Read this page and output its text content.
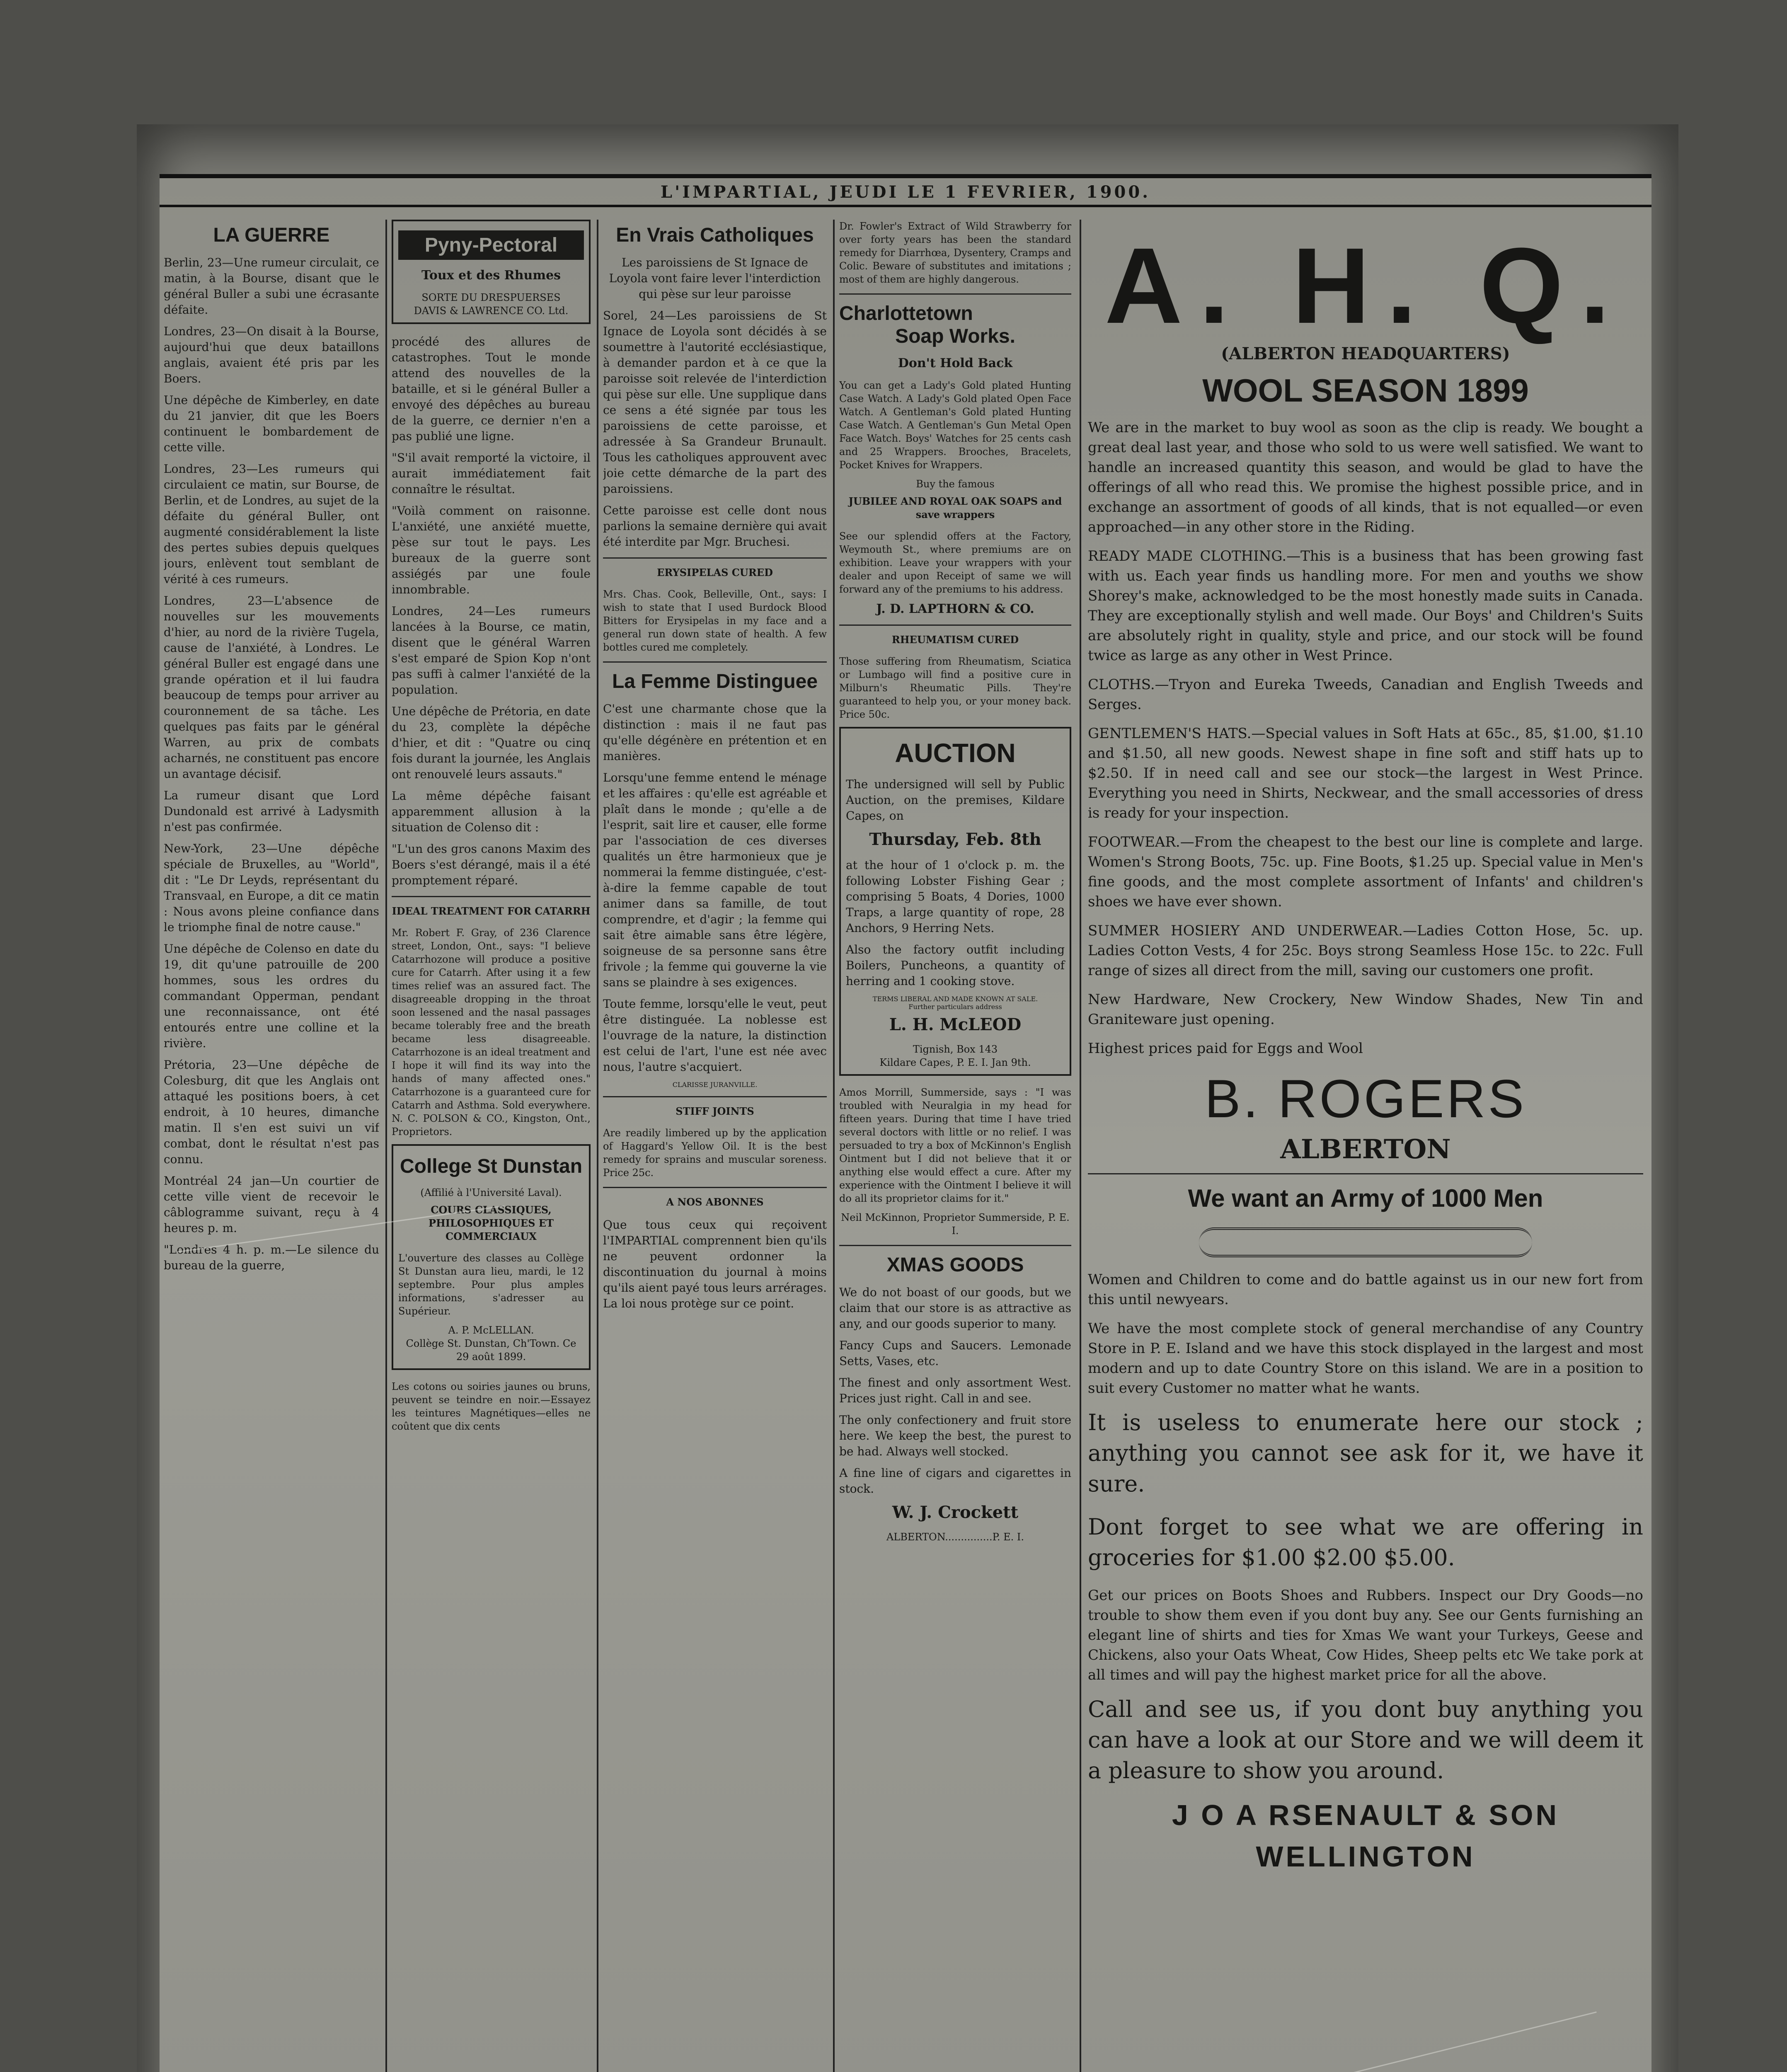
L'IMPARTIAL, JEUDI LE 1 FEVRIER, 1900.
LA GUERRE

Berlin, 23—Une rumeur circulait, ce matin, à la Bourse, disant que le général Buller a subi une écrasante défaite.

Londres, 23—On disait à la Bourse, aujourd'hui que deux bataillons anglais, avaient été pris par les Boers.

Une dépêche de Kimberley, en date du 21 janvier, dit que les Boers continuent le bombardement de cette ville.

Londres, 23—Les rumeurs qui circulaient ce matin, sur Bourse, de Berlin, et de Londres, au sujet de la défaite du général Buller, ont augmenté considérablement la liste des pertes subies depuis quelques jours, enlèvent tout semblant de vérité à ces rumeurs.

Londres, 23—L'absence de nouvelles sur les mouvements d'hier, au nord de la rivière Tugela, cause de l'anxiété, à Londres. Le général Buller est engagé dans une grande opération et il lui faudra beaucoup de temps pour arriver au couronnement de sa tâche. Les quelques pas faits par le général Warren, au prix de combats acharnés, ne constituent pas encore un avantage décisif.

La rumeur disant que Lord Dundonald est arrivé à Ladysmith n'est pas confirmée.

New-York, 23—Une dépêche spéciale de Bruxelles, au "World", dit : "Le Dr Leyds, représentant du Transvaal, en Europe, a dit ce matin : Nous avons pleine confiance dans le triomphe final de notre cause."

Une dépêche de Colenso en date du 19, dit qu'une patrouille de 200 hommes, sous les ordres du commandant Opperman, pendant une reconnaissance, ont été entourés entre une colline et la rivière.

Prétoria, 23—Une dépêche de Colesburg, dit que les Anglais ont attaqué les positions boers, à cet endroit, à 10 heures, dimanche matin. Il s'en est suivi un vif combat, dont le résultat n'est pas connu.

Montréal 24 jan—Un courtier de cette ville vient de recevoir le câblogramme suivant, reçu à 4 heures p. m.

"Londres 4 h. p. m.—Le silence du bureau de la guerre,

Pyny-Pectoral
Toux et des Rhumes
SORTE DU DRESPUERSES
DAVIS & LAWRENCE CO. Ltd.

procédé des allures de catastrophes. Tout le monde attend des nouvelles de la bataille, et si le général Buller a envoyé des dépêches au bureau de la guerre, ce dernier n'en a pas publié une ligne.

"S'il avait remporté la victoire, il aurait immédiatement fait connaître le résultat.

"Voilà comment on raisonne. L'anxiété, une anxiété muette, pèse sur tout le pays. Les bureaux de la guerre sont assiégés par une foule innombrable.

Londres, 24—Les rumeurs lancées à la Bourse, ce matin, disent que le général Warren s'est emparé de Spion Kop n'ont pas suffi à calmer l'anxiété de la population.

Une dépêche de Prétoria, en date du 23, complète la dépêche d'hier, et dit : "Quatre ou cinq fois durant la journée, les Anglais ont renouvelé leurs assauts."

La même dépêche faisant apparemment allusion à la situation de Colenso dit :

"L'un des gros canons Maxim des Boers s'est dérangé, mais il a été promptement réparé.

IDEAL TREATMENT FOR CATARRH

Mr. Robert F. Gray, of 236 Clarence street, London, Ont., says: "I believe Catarrhozone will produce a positive cure for Catarrh. After using it a few times relief was an assured fact. The disagreeable dropping in the throat soon lessened and the nasal passages became tolerably free and the breath became less disagreeable. Catarrhozone is an ideal treatment and I hope it will find its way into the hands of many affected ones." Catarrhozone is a guaranteed cure for Catarrh and Asthma. Sold everywhere. N. C. POLSON & CO., Kingston, Ont., Proprietors.

College St Dunstan
(Affilié à l'Université Laval).
COURS CLASSIQUES, PHILOSOPHIQUES ET COMMERCIAUX

L'ouverture des classes au Collège St Dunstan aura lieu, mardi, le 12 septembre. Pour plus amples informations, s'adresser au Supérieur.

A. P. McLELLAN.
Collège St. Dunstan, Ch'Town. Ce 29 août 1899.

Les cotons ou soiries jaunes ou bruns, peuvent se teindre en noir.—Essayez les teintures Magnétiques—elles ne coûtent que dix cents

En Vrais Catholiques

Les paroissiens de St Ignace de Loyola vont faire lever l'interdiction qui pèse sur leur paroisse

Sorel, 24—Les paroissiens de St Ignace de Loyola sont décidés à se soumettre à l'autorité ecclésiastique, à demander pardon et à ce que la paroisse soit relevée de l'interdiction qui pèse sur elle. Une supplique dans ce sens a été signée par tous les paroissiens de cette paroisse, et adressée à Sa Grandeur Brunault. Tous les catholiques approuvent avec joie cette démarche de la part des paroissiens.

Cette paroisse est celle dont nous parlions la semaine dernière qui avait été interdite par Mgr. Bruchesi.

ERYSIPELAS CURED

Mrs. Chas. Cook, Belleville, Ont., says: I wish to state that I used Burdock Blood Bitters for Erysipelas in my face and a general run down state of health. A few bottles cured me completely.

La Femme Distinguee

C'est une charmante chose que la distinction : mais il ne faut pas qu'elle dégénère en prétention et en manières.

Lorsqu'une femme entend le ménage et les affaires : qu'elle est agréable et plaît dans le monde ; qu'elle a de l'esprit, sait lire et causer, elle forme par l'association de ces diverses qualités un être harmonieux que je nommerai la femme distinguée, c'est-à-dire la femme capable de tout animer dans sa famille, de tout comprendre, et d'agir ; la femme qui sait être aimable sans être légère, soigneuse de sa personne sans être frivole ; la femme qui gouverne la vie sans se plaindre à ses exigences.

Toute femme, lorsqu'elle le veut, peut être distinguée. La noblesse est l'ouvrage de la nature, la distinction est celui de l'art, l'une est née avec nous, l'autre s'acquiert.

CLARISSE JURANVILLE.
STIFF JOINTS

Are readily limbered up by the application of Haggard's Yellow Oil. It is the best remedy for sprains and muscular soreness. Price 25c.

A NOS ABONNES

Que tous ceux qui reçoivent l'IMPARTIAL comprennent bien qu'ils ne peuvent ordonner la discontinuation du journal à moins qu'ils aient payé tous leurs arrérages. La loi nous protège sur ce point.

Dr. Fowler's Extract of Wild Strawberry for over forty years has been the standard remedy for Diarrhœa, Dysentery, Cramps and Colic. Beware of substitutes and imitations ; most of them are highly dangerous.

Charlottetown
Soap Works.
Don't Hold Back

You can get a Lady's Gold plated Hunting Case Watch. A Lady's Gold plated Open Face Watch. A Gentleman's Gold plated Hunting Case Watch. A Gentleman's Gun Metal Open Face Watch. Boys' Watches for 25 cents cash and 25 Wrappers. Brooches, Bracelets, Pocket Knives for Wrappers.

Buy the famous
JUBILEE AND ROYAL OAK SOAPS and save wrappers

See our splendid offers at the Factory, Weymouth St., where premiums are on exhibition. Leave your wrappers with your dealer and upon Receipt of same we will forward any of the premiums to his address.

J. D. LAPTHORN & CO.
RHEUMATISM CURED

Those suffering from Rheumatism, Sciatica or Lumbago will find a positive cure in Milburn's Rheumatic Pills. They're guaranteed to help you, or your money back. Price 50c.

AUCTION

The undersigned will sell by Public Auction, on the premises, Kildare Capes, on

Thursday, Feb. 8th

at the hour of 1 o'clock p. m. the following Lobster Fishing Gear ; comprising 5 Boats, 4 Dories, 1000 Traps, a large quantity of rope, 28 Anchors, 9 Herring Nets.

Also the factory outfit including Boilers, Puncheons, a quantity of herring and 1 cooking stove.

TERMS LIBERAL AND MADE KNOWN AT SALE.
Further particulars address
L. H. McLEOD
Tignish, Box 143
Kildare Capes, P. E. I. Jan 9th.

Amos Morrill, Summerside, says : "I was troubled with Neuralgia in my head for fifteen years. During that time I have tried several doctors with little or no relief. I was persuaded to try a box of McKinnon's English Ointment but I did not believe that it or anything else would effect a cure. After my experience with the Ointment I believe it will do all its proprietor claims for it."

Neil McKinnon, Proprietor Summerside, P. E. I.
XMAS GOODS

We do not boast of our goods, but we claim that our store is as attractive as any, and our goods superior to many.

Fancy Cups and Saucers. Lemonade Setts, Vases, etc.

The finest and only assortment West. Prices just right. Call in and see.

The only confectionery and fruit store here. We keep the best, the purest to be had. Always well stocked.

A fine line of cigars and cigarettes in stock.

W. J. Crockett
ALBERTON...............P. E. I.
A. H. Q.
(ALBERTON HEADQUARTERS)
WOOL SEASON 1899

We are in the market to buy wool as soon as the clip is ready. We bought a great deal last year, and those who sold to us were well satisfied. We want to handle an increased quantity this season, and would be glad to have the offerings of all who read this. We promise the highest possible price, and in exchange an assortment of goods of all kinds, that is not equalled—or even approached—in any other store in the Riding.

READY MADE CLOTHING.—This is a business that has been growing fast with us. Each year finds us handling more. For men and youths we show Shorey's make, acknowledged to be the most honestly made suits in Canada. They are exceptionally stylish and well made. Our Boys' and Children's Suits are absolutely right in quality, style and price, and our stock will be found twice as large as any other in West Prince.

CLOTHS.—Tryon and Eureka Tweeds, Canadian and English Tweeds and Serges.

GENTLEMEN'S HATS.—Special values in Soft Hats at 65c., 85, $1.00, $1.10 and $1.50, all new goods. Newest shape in fine soft and stiff hats up to $2.50. If in need call and see our stock—the largest in West Prince. Everything you need in Shirts, Neckwear, and the small accessories of dress is ready for your inspection.

FOOTWEAR.—From the cheapest to the best our line is complete and large. Women's Strong Boots, 75c. up. Fine Boots, $1.25 up. Special value in Men's fine goods, and the most complete assortment of Infants' and children's shoes we have ever shown.

SUMMER HOSIERY AND UNDERWEAR.—Ladies Cotton Hose, 5c. up. Ladies Cotton Vests, 4 for 25c. Boys strong Seamless Hose 15c. to 22c. Full range of sizes all direct from the mill, saving our customers one profit.

New Hardware, New Crockery, New Window Shades, New Tin and Graniteware just opening.

Highest prices paid for Eggs and Wool

B. ROGERS
ALBERTON
We want an Army of 1000 Men

Women and Children to come and do battle against us in our new fort from this until newyears.

We have the most complete stock of general merchandise of any Country Store in P. E. Island and we have this stock displayed in the largest and most modern and up to date Country Store on this island. We are in a position to suit every Customer no matter what he wants.

It is useless to enumerate here our stock ; anything you cannot see ask for it, we have it sure.

Dont forget to see what we are offering in groceries for $1.00 $2.00 $5.00.

Get our prices on Boots Shoes and Rubbers. Inspect our Dry Goods—no trouble to show them even if you dont buy any. See our Gents furnishing an elegant line of shirts and ties for Xmas We want your Turkeys, Geese and Chickens, also your Oats Wheat, Cow Hides, Sheep pelts etc We take pork at all times and will pay the highest market price for all the above.

Call and see us, if you dont buy anything you can have a look at our Store and we will deem it a pleasure to show you around.

J O A RSENAULT & SON
WELLINGTON
